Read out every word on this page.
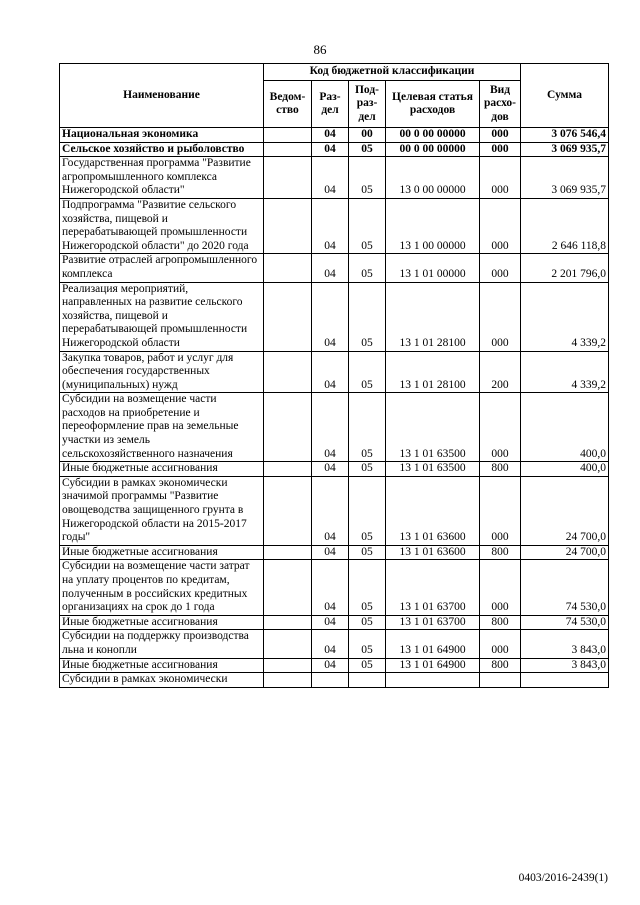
86
Наименование	Код бюджетной классификации					Сумма
	Ведом-ство	Раз-дел	Под-раз-дел	Целевая статья расходов	Вид расхо-дов	
Национальная экономика		04	00	00 0 00 00000	000	3 076 546,4
Сельское хозяйство и рыболовство		04	05	00 0 00 00000	000	3 069 935,7
Государственная программа "Развитие агропромышленного комплекса Нижегородской области"		04	05	13 0 00 00000	000	3 069 935,7
Подпрограмма "Развитие сельского хозяйства, пищевой и перерабатывающей промышленности Нижегородской области" до 2020 года		04	05	13 1 00 00000	000	2 646 118,8
Развитие отраслей агропромышленного комплекса		04	05	13 1 01 00000	000	2 201 796,0
Реализация мероприятий, направленных на развитие сельского хозяйства, пищевой и перерабатывающей промышленности Нижегородской области		04	05	13 1 01 28100	000	4 339,2
Закупка товаров, работ и услуг для обеспечения государственных (муниципальных) нужд		04	05	13 1 01 28100	200	4 339,2
Субсидии на возмещение части расходов на приобретение и переоформление прав на земельные участки из земель сельскохозяйственного назначения		04	05	13 1 01 63500	000	400,0
Иные бюджетные ассигнования		04	05	13 1 01 63500	800	400,0
Субсидии в рамках экономически значимой программы "Развитие овощеводства защищенного грунта в Нижегородской области на 2015-2017 годы"		04	05	13 1 01 63600	000	24 700,0
Иные бюджетные ассигнования		04	05	13 1 01 63600	800	24 700,0
Субсидии на возмещение части затрат на уплату процентов по кредитам, полученным в российских кредитных организациях на срок до 1 года		04	05	13 1 01 63700	000	74 530,0
Иные бюджетные ассигнования		04	05	13 1 01 63700	800	74 530,0
Субсидии на поддержку производства льна и конопли		04	05	13 1 01 64900	000	3 843,0
Иные бюджетные ассигнования		04	05	13 1 01 64900	800	3 843,0
Субсидии в рамках экономически						
0403/2016-2439(1)
